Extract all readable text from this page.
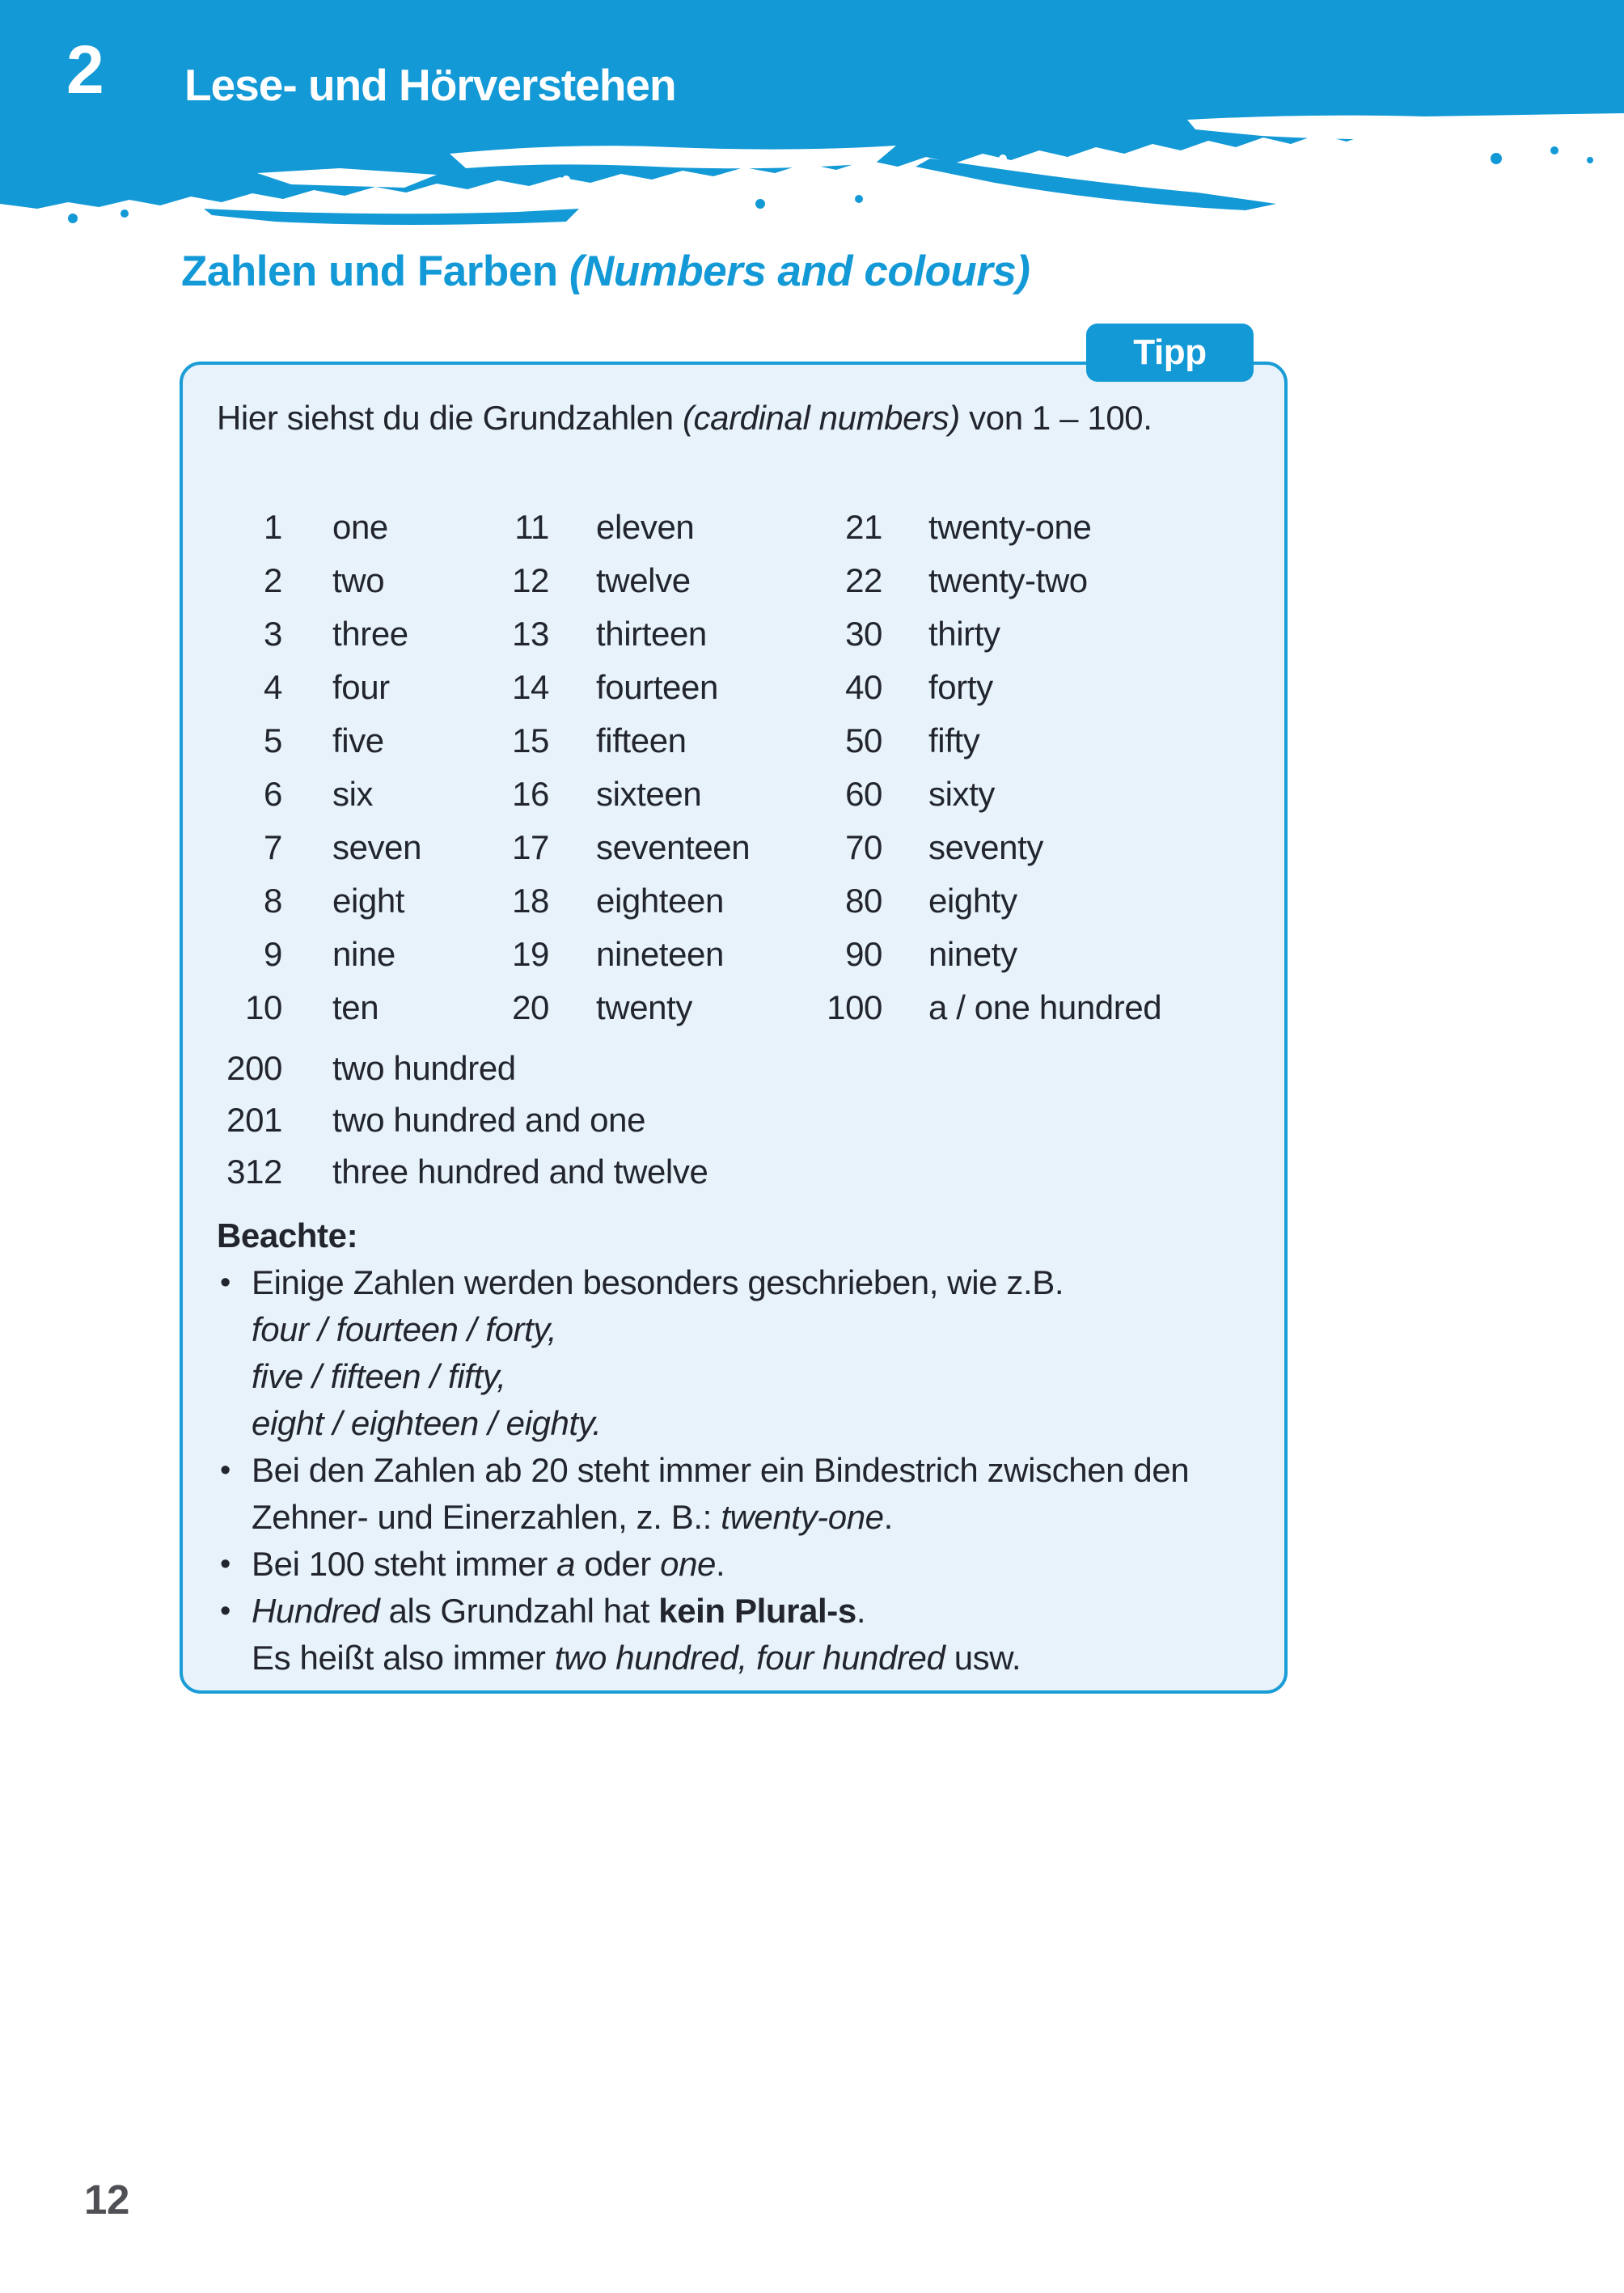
2 Lese- und Hörverstehen
Zahlen und Farben (Numbers and colours)
Tipp
Hier siehst du die Grundzahlen (cardinal numbers) von 1 – 100.
1	one	11	eleven	21	twenty-one
2	two	12	twelve	22	twenty-two
3	three	13	thirteen	30	thirty
4	four	14	fourteen	40	forty
5	five	15	fifteen	50	fifty
6	six	16	sixteen	60	sixty
7	seven	17	seventeen	70	seventy
8	eight	18	eighteen	80	eighty
9	nine	19	nineteen	90	ninety
10	ten	20	twenty	100	a / one hundred
200	two hundred
201	two hundred and one
312	three hundred and twelve
Beachte:
• Einige Zahlen werden besonders geschrieben, wie z.B.
four / fourteen / forty,
five / fifteen / fifty,
eight / eighteen / eighty.
• Bei den Zahlen ab 20 steht immer ein Bindestrich zwischen den
Zehner- und Einerzahlen, z. B.: twenty-one.
• Bei 100 steht immer a oder one.
• Hundred als Grundzahl hat kein Plural-s.
Es heißt also immer two hundred, four hundred usw.
12
